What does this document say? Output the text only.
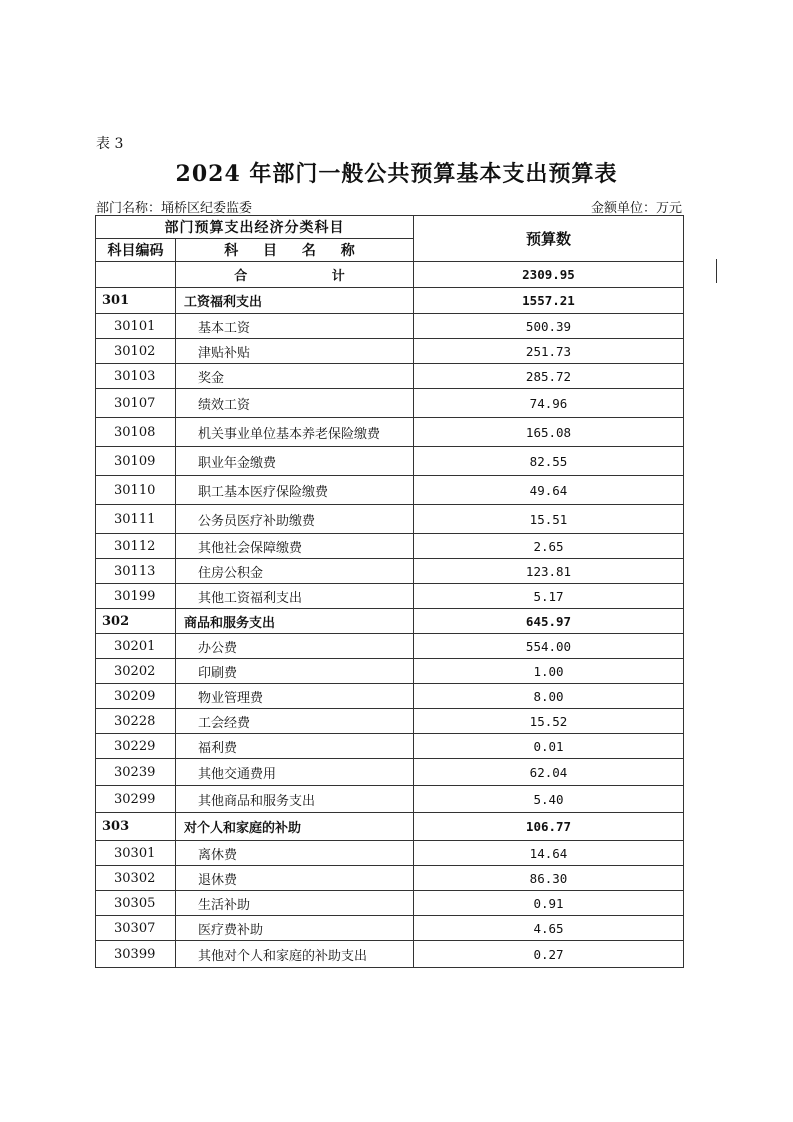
表 3
2024 年部门一般公共预算基本支出预算表
部门名称：埇桥区纪委监委	金额单位：万元
部门预算支出经济分类科目		预算数
科目编码	科 目 名 称	
	合 计	2309.95
301	工资福利支出	1557.21
30101	基本工资	500.39
30102	津贴补贴	251.73
30103	奖金	285.72
30107	绩效工资	74.96
30108	机关事业单位基本养老保险缴费	165.08
30109	职业年金缴费	82.55
30110	职工基本医疗保险缴费	49.64
30111	公务员医疗补助缴费	15.51
30112	其他社会保障缴费	2.65
30113	住房公积金	123.81
30199	其他工资福利支出	5.17
302	商品和服务支出	645.97
30201	办公费	554.00
30202	印刷费	1.00
30209	物业管理费	8.00
30228	工会经费	15.52
30229	福利费	0.01
30239	其他交通费用	62.04
30299	其他商品和服务支出	5.40
303	对个人和家庭的补助	106.77
30301	离休费	14.64
30302	退休费	86.30
30305	生活补助	0.91
30307	医疗费补助	4.65
30399	其他对个人和家庭的补助支出	0.27
